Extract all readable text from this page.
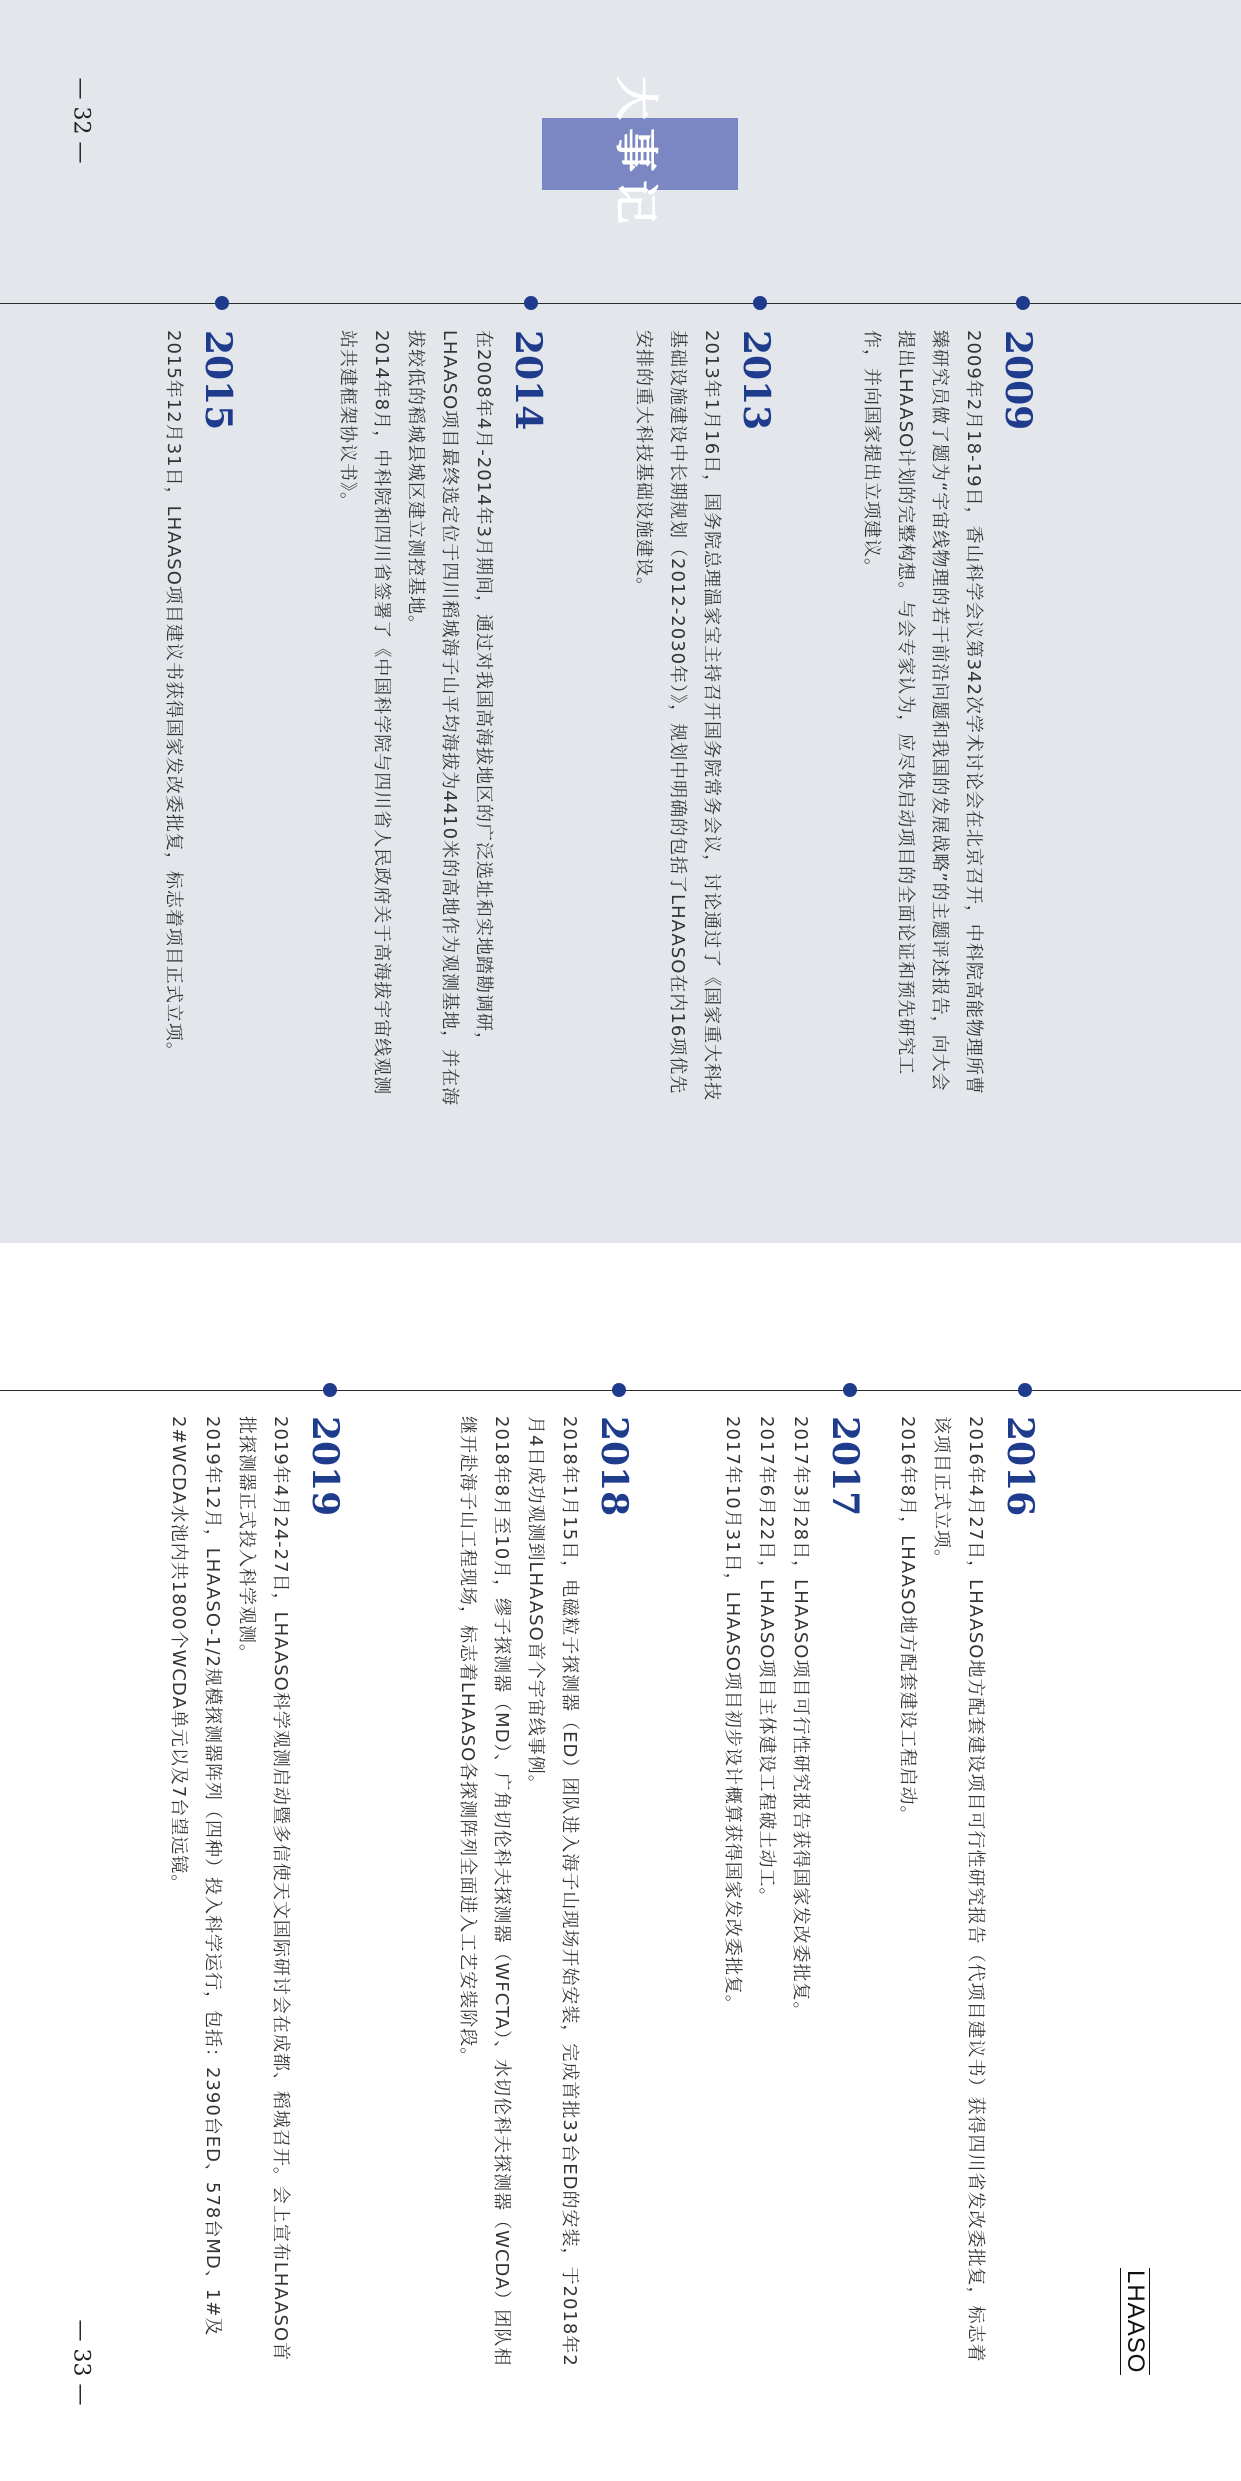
— 32 —
— 33 —
大事记
2009
2009年2月18-19日，香山科学会议第342次学术讨论会在北京召开，中科院高能物理所曹臻研究员做了题为“宇宙线物理的若干前沿问题和我国的发展战略”的主题评述报告，向大会提出LHAASO计划的完整构想。与会专家认为，应尽快启动项目的全面论证和预先研究工作，并向国家提出立项建议。
2013
2013年1月16日，国务院总理温家宝主持召开国务院常务会议，讨论通过了《国家重大科技基础设施建设中长期规划（2012-2030年）》，规划中明确的包括了LHAASO在内16项优先安排的重大科技基础设施建设。
2014
在2008年4月-2014年3月期间，通过对我国高海拔地区的广泛选址和实地踏勘调研，LHAASO项目最终选定位于四川稻城海子山平均海拔为4410米的高地作为观测基地，并在海拔较低的稻城县城区建立测控基地。
2014年8月，中科院和四川省签署了《中国科学院与四川省人民政府关于高海拔宇宙线观测站共建框架协议书》。
2015
2015年12月31日，LHAASO项目建议书获得国家发改委批复，标志着项目正式立项。
2016
2016年4月27日，LHAASO地方配套建设项目可行性研究报告（代项目建议书）获得四川省发改委批复，标志着该项目正式立项。
2016年8月，LHAASO地方配套建设工程启动。
2017
2017年3月28日，LHAASO项目可行性研究报告获得国家发改委批复。
2017年6月22日，LHAASO项目主体建设工程破土动工。
2017年10月31日，LHAASO项目初步设计概算获得国家发改委批复。
2018
2018年1月15日，电磁粒子探测器（ED）团队进入海子山现场开始安装，完成首批33台ED的安装，于2018年2月4日成功观测到LHAASO首个宇宙线事例。
2018年8月至10月，缪子探测器（MD）、广角切伦科夫探测器（WFCTA）、水切伦科夫探测器（WCDA）团队相继开赴海子山工程现场，标志着LHAASO各探测阵列全面进入工艺安装阶段。
2019
2019年4月24-27日，LHAASO科学观测启动暨多信使天文国际研讨会在成都、稻城召开。会上宣布LHAASO首批探测器正式投入科学观测。
2019年12月，LHAASO-1/2规模探测器阵列（四种）投入科学运行，包括：2390台ED、578台MD、1#及2#WCDA水池内共1800个WCDA单元以及7台望远镜。
LHAASO
